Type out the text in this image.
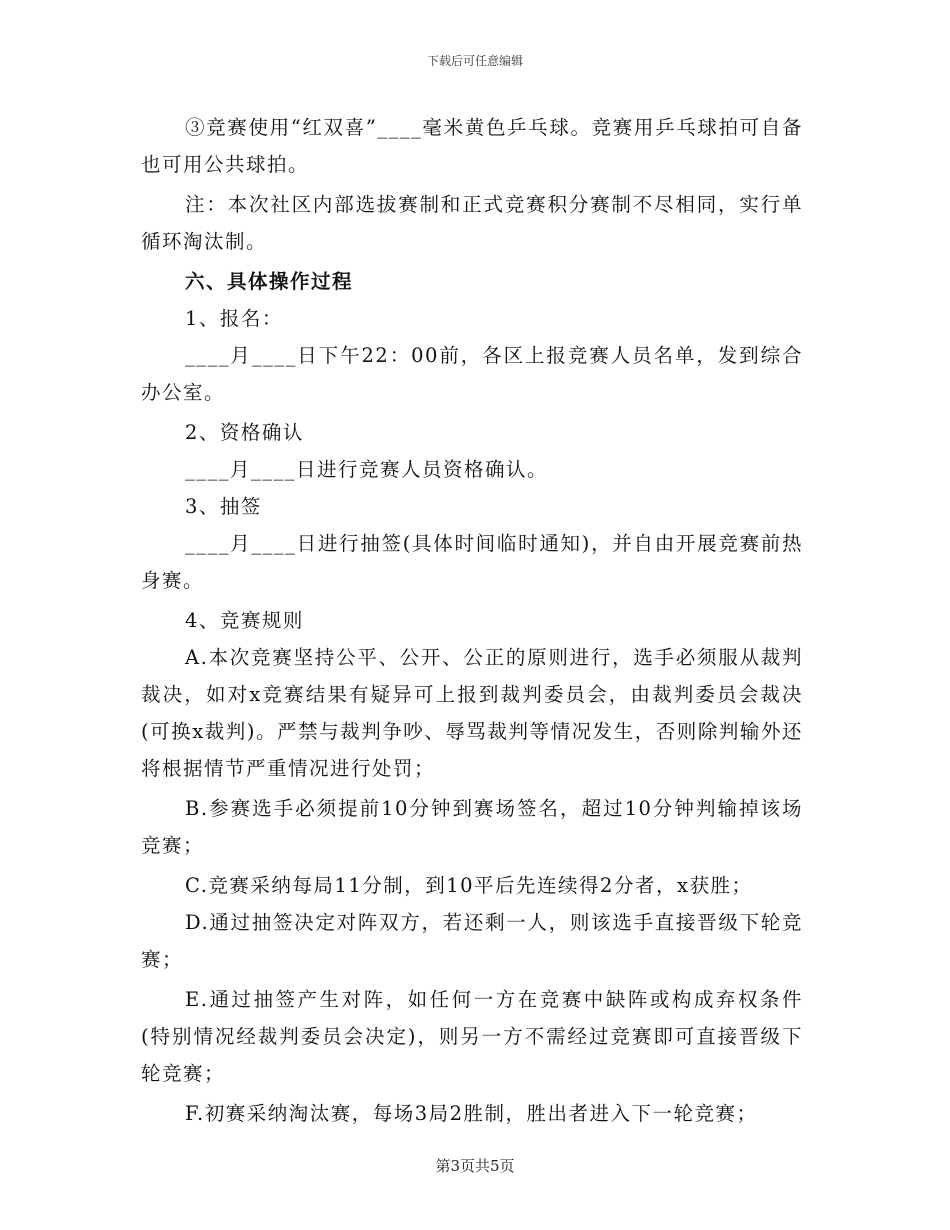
下载后可任意编辑

③竞赛使用“红双喜”____毫米黄色乒乓球。竞赛用乒乓球拍可自备也可用公共球拍。

注：本次社区内部选拔赛制和正式竞赛积分赛制不尽相同，实行单循环淘汰制。

六、具体操作过程

1、报名：

____月____日下午22：00前，各区上报竞赛人员名单，发到综合办公室。

2、资格确认

____月____日进行竞赛人员资格确认。

3、抽签

____月____日进行抽签(具体时间临时通知)，并自由开展竞赛前热身赛。

4、竞赛规则

A.本次竞赛坚持公平、公开、公正的原则进行，选手必须服从裁判裁决，如对x竞赛结果有疑异可上报到裁判委员会，由裁判委员会裁决(可换x裁判)。严禁与裁判争吵、辱骂裁判等情况发生，否则除判输外还将根据情节严重情况进行处罚；

B.参赛选手必须提前10分钟到赛场签名，超过10分钟判输掉该场竞赛；

C.竞赛采纳每局11分制，到10平后先连续得2分者，x获胜；

D.通过抽签决定对阵双方，若还剩一人，则该选手直接晋级下轮竞赛；

E.通过抽签产生对阵，如任何一方在竞赛中缺阵或构成弃权条件(特别情况经裁判委员会决定)，则另一方不需经过竞赛即可直接晋级下轮竞赛；

F.初赛采纳淘汰赛，每场3局2胜制，胜出者进入下一轮竞赛；

第3页共5页
